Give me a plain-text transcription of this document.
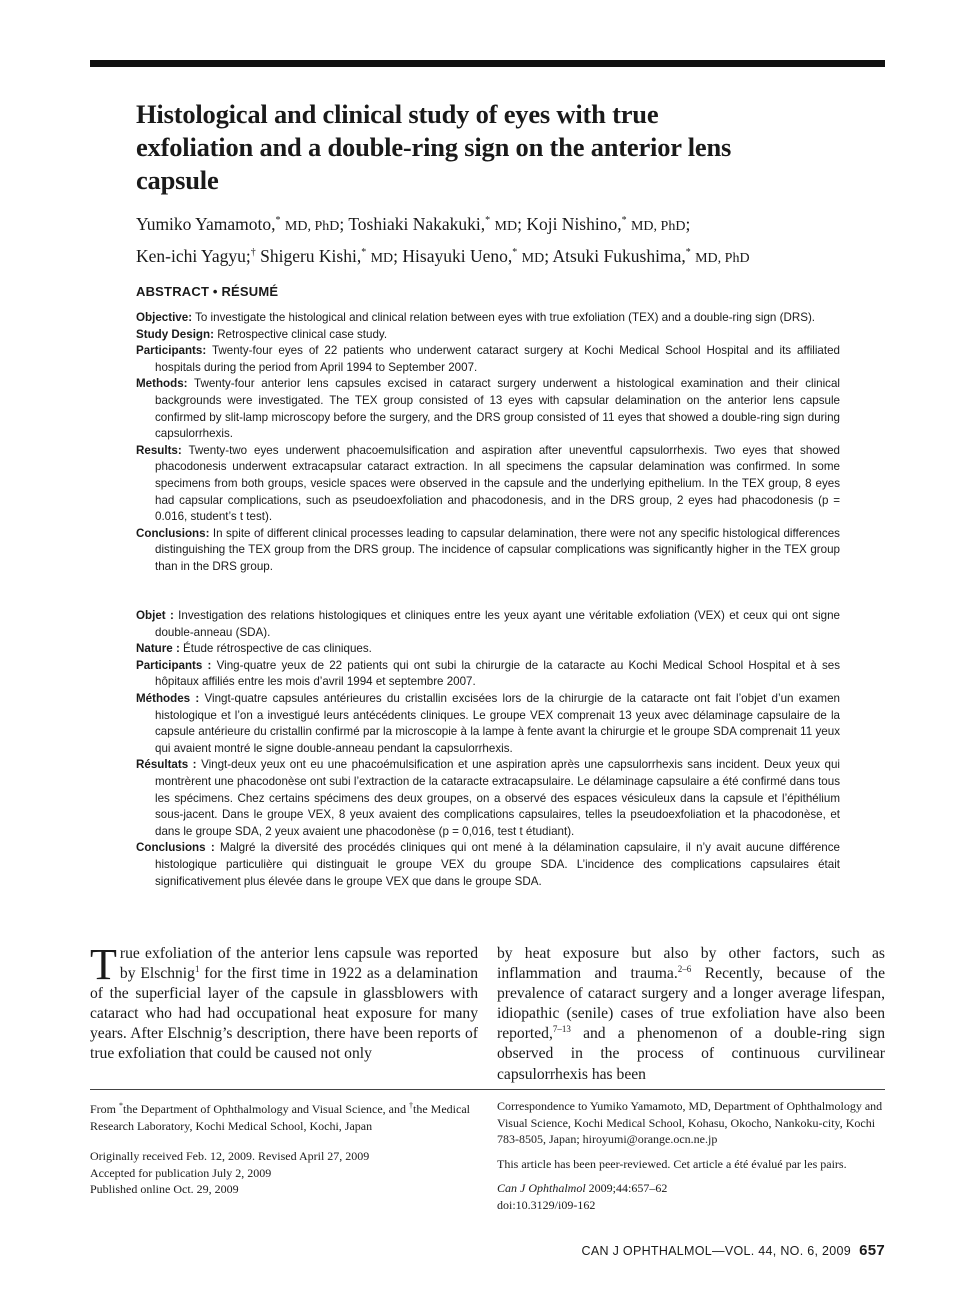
Histological and clinical study of eyes with true exfoliation and a double-ring sign on the anterior lens capsule
Yumiko Yamamoto,* MD, PhD; Toshiaki Nakakuki,* MD; Koji Nishino,* MD, PhD;
Ken-ichi Yagyu;† Shigeru Kishi,* MD; Hisayuki Ueno,* MD; Atsuki Fukushima,* MD, PhD
ABSTRACT • RÉSUMÉ

Objective: To investigate the histological and clinical relation between eyes with true exfoliation (TEX) and a double-ring sign (DRS).

Study Design: Retrospective clinical case study.

Participants: Twenty-four eyes of 22 patients who underwent cataract surgery at Kochi Medical School Hospital and its affiliated hospitals during the period from April 1994 to September 2007.

Methods: Twenty-four anterior lens capsules excised in cataract surgery underwent a histological examination and their clinical backgrounds were investigated. The TEX group consisted of 13 eyes with capsular delamination on the anterior lens capsule confirmed by slit-lamp microscopy before the surgery, and the DRS group consisted of 11 eyes that showed a double-ring sign during capsulorrhexis.

Results: Twenty-two eyes underwent phacoemulsification and aspiration after uneventful capsulorrhexis. Two eyes that showed phacodonesis underwent extracapsular cataract extraction. In all specimens the capsular delamination was confirmed. In some specimens from both groups, vesicle spaces were observed in the capsule and the underlying epithelium. In the TEX group, 8 eyes had capsular complications, such as pseudoexfoliation and phacodonesis, and in the DRS group, 2 eyes had phacodonesis (p = 0.016, student’s t test).

Conclusions: In spite of different clinical processes leading to capsular delamination, there were not any specific histological differences distinguishing the TEX group from the DRS group. The incidence of capsular complications was significantly higher in the TEX group than in the DRS group.

Objet : Investigation des relations histologiques et cliniques entre les yeux ayant une véritable exfoliation (VEX) et ceux qui ont signe double-anneau (SDA).

Nature : Étude rétrospective de cas cliniques.

Participants : Ving-quatre yeux de 22 patients qui ont subi la chirurgie de la cataracte au Kochi Medical School Hospital et à ses hôpitaux affiliés entre les mois d’avril 1994 et septembre 2007.

Méthodes : Vingt-quatre capsules antérieures du cristallin excisées lors de la chirurgie de la cataracte ont fait l’objet d’un examen histologique et l’on a investigué leurs antécédents cliniques. Le groupe VEX comprenait 13 yeux avec délaminage capsulaire de la capsule antérieure du cristallin confirmé par la microscopie à la lampe à fente avant la chirurgie et le groupe SDA comprenait 11 yeux qui avaient montré le signe double-anneau pendant la capsulorrhexis.

Résultats : Vingt-deux yeux ont eu une phacoémulsification et une aspiration après une capsulorrhexis sans incident. Deux yeux qui montrèrent une phacodonèse ont subi l’extraction de la cataracte extracapsulaire. Le délaminage capsulaire a été confirmé dans tous les spécimens. Chez certains spécimens des deux groupes, on a observé des espaces vésiculeux dans la capsule et l’épithélium sous-jacent. Dans le groupe VEX, 8 yeux avaient des complications capsulaires, telles la pseudoexfoliation et la phacodonèse, et dans le groupe SDA, 2 yeux avaient une phacodonèse (p = 0,016, test t étudiant).

Conclusions : Malgré la diversité des procédés cliniques qui ont mené à la délamination capsulaire, il n’y avait aucune différence histologique particulière qui distinguait le groupe VEX du groupe SDA. L’incidence des complications capsulaires était significativement plus élevée dans le groupe VEX que dans le groupe SDA.

True exfoliation of the anterior lens capsule was reported by Elschnig$^1$ for the first time in 1922 as a delamination of the superficial layer of the capsule in glassblowers with cataract who had had occupational heat exposure for many years. After Elschnig’s description, there have been reports of true exfoliation that could be caused not only
by heat exposure but also by other factors, such as inflammation and trauma.$^{2-6}$ Recently, because of the prevalence of cataract surgery and a longer average lifespan, idiopathic (senile) cases of true exfoliation have also been reported,$^{7-13}$ and a phenomenon of a double-ring sign observed in the process of continuous curvilinear capsulorrhexis has been

From *the Department of Ophthalmology and Visual Science, and †the Medical Research Laboratory, Kochi Medical School, Kochi, Japan

Originally received Feb. 12, 2009. Revised April 27, 2009
Accepted for publication July 2, 2009
Published online Oct. 29, 2009

Correspondence to Yumiko Yamamoto, MD, Department of Ophthalmology and Visual Science, Kochi Medical School, Kohasu, Okocho, Nankoku-city, Kochi 783-8505, Japan; hiroyumi@orange.ocn.ne.jp

This article has been peer-reviewed. Cet article a été évalué par les pairs.

Can J Ophthalmol 2009;44:657–62
doi:10.3129/i09-162
CAN J OPHTHALMOL—VOL. 44, NO. 6, 2009 657
